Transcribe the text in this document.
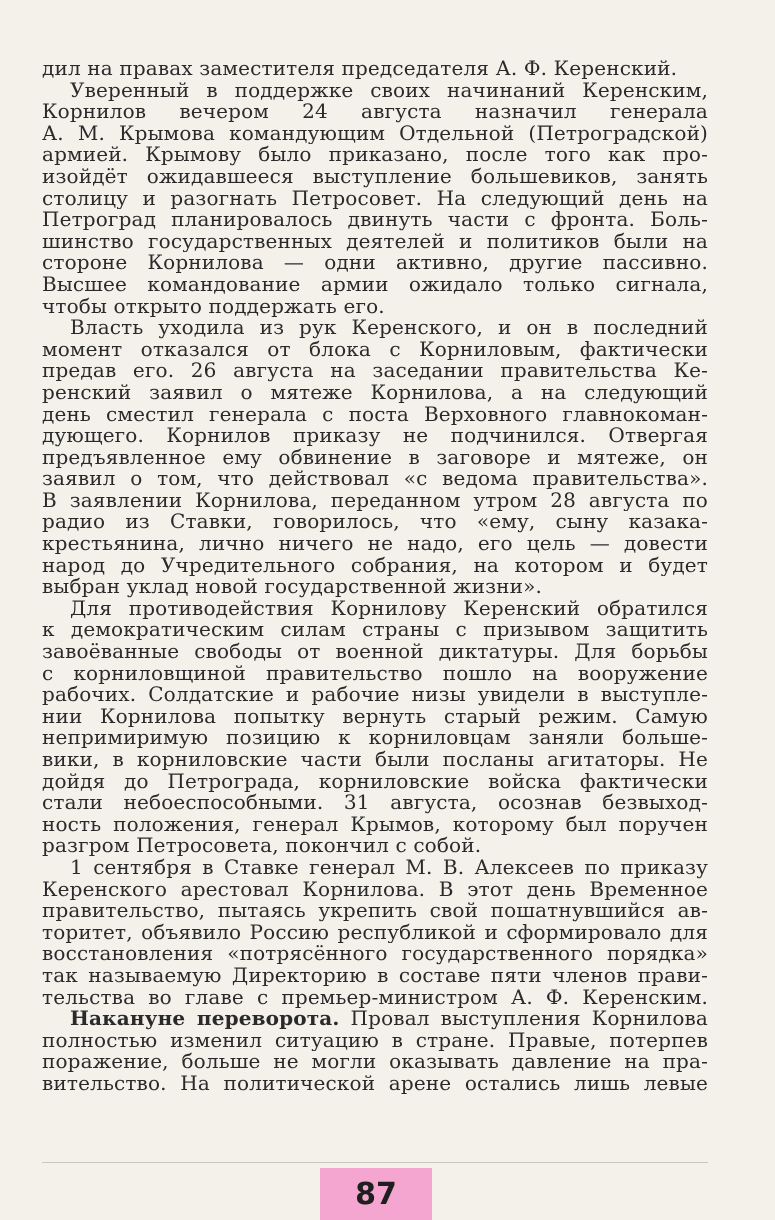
дил на правах заместителя председателя А. Ф. Керенский.
Уверенный в поддержке своих начинаний Керенским,
Корнилов вечером 24 августа назначил генерала
А. М. Крымова командующим Отдельной (Петроградской)
армией. Крымову было приказано, после того как про-
изойдёт ожидавшееся выступление большевиков, занять
столицу и разогнать Петросовет. На следующий день на
Петроград планировалось двинуть части с фронта. Боль-
шинство государственных деятелей и политиков были на
стороне Корнилова — одни активно, другие пассивно.
Высшее командование армии ожидало только сигнала,
чтобы открыто поддержать его.
Власть уходила из рук Керенского, и он в последний
момент отказался от блока с Корниловым, фактически
предав его. 26 августа на заседании правительства Ке-
ренский заявил о мятеже Корнилова, а на следующий
день сместил генерала с поста Верховного главнокоман-
дующего. Корнилов приказу не подчинился. Отвергая
предъявленное ему обвинение в заговоре и мятеже, он
заявил о том, что действовал «с ведома правительства».
В заявлении Корнилова, переданном утром 28 августа по
радио из Ставки, говорилось, что «ему, сыну казака-
крестьянина, лично ничего не надо, его цель — довести
народ до Учредительного собрания, на котором и будет
выбран уклад новой государственной жизни».
Для противодействия Корнилову Керенский обратился
к демократическим силам страны с призывом защитить
завоёванные свободы от военной диктатуры. Для борьбы
с корниловщиной правительство пошло на вооружение
рабочих. Солдатские и рабочие низы увидели в выступле-
нии Корнилова попытку вернуть старый режим. Самую
непримиримую позицию к корниловцам заняли больше-
вики, в корниловские части были посланы агитаторы. Не
дойдя до Петрограда, корниловские войска фактически
стали небоеспособными. 31 августа, осознав безвыход-
ность положения, генерал Крымов, которому был поручен
разгром Петросовета, покончил с собой.
1 сентября в Ставке генерал М. В. Алексеев по приказу
Керенского арестовал Корнилова. В этот день Временное
правительство, пытаясь укрепить свой пошатнувшийся ав-
торитет, объявило Россию республикой и сформировало для
восстановления «потрясённого государственного порядка»
так называемую Директорию в составе пяти членов прави-
тельства во главе с премьер-министром А. Ф. Керенским.
Накануне переворота. Провал выступления Корнилова
полностью изменил ситуацию в стране. Правые, потерпев
поражение, больше не могли оказывать давление на пра-
вительство. На политической арене остались лишь левые
87
